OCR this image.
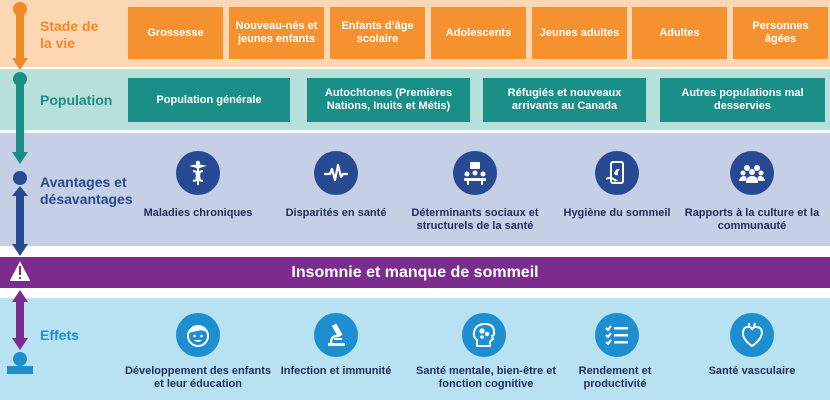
Stade de
la vie
Population
Avantages et
désavantages
Effets
Grossesse
Nouveau-nés et jeunes enfants
Enfants d’âge scolaire
Adolescents	Jeunes adultes	Adultes
Personnes âgées
Population générale
Autochtones (Premières Nations, Inuits et Métis)
Réfugiés et nouveaux arrivants au Canada
Autres populations mal desservies
Maladies chroniques	Disparités en santé	Déterminants sociaux et structurels de la santé
Hygiène du sommeil	Rapports à la culture et la communauté
Insomnie et manque de sommeil
Développement des enfants et leur éducation
Infection et immunité	Santé mentale, bien-être et fonction cognitive
Rendement et productivité
Santé vasculaire
